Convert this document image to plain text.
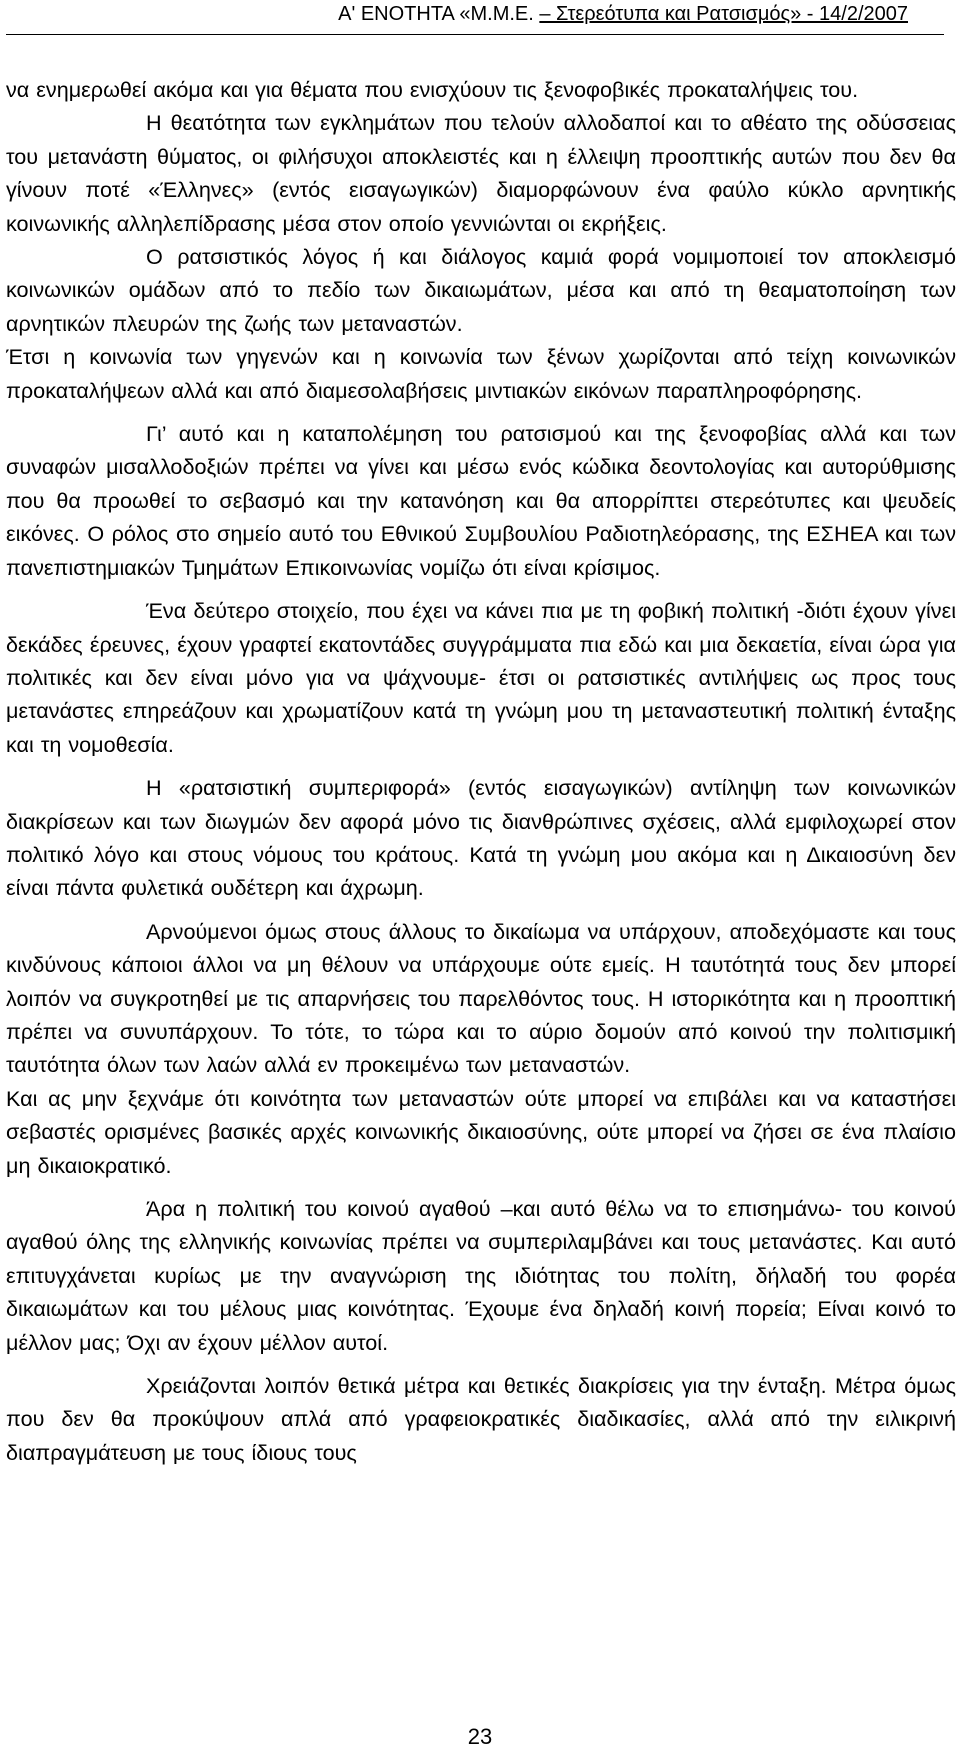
Α' ΕΝΟΤΗΤΑ «Μ.Μ.Ε. – Στερεότυπα και Ρατσισμός» - 14/2/2007

να ενημερωθεί ακόμα και για θέματα που ενισχύουν τις ξενοφοβικές προκαταλήψεις του.

Η θεατότητα των εγκλημάτων που τελούν αλλοδαποί και το αθέατο της οδύσσειας του μετανάστη θύματος, οι φιλήσυχοι αποκλειστές και η έλλειψη προοπτικής αυτών που δεν θα γίνουν ποτέ «Έλληνες» (εντός εισαγωγικών) διαμορφώνουν ένα φαύλο κύκλο αρνητικής κοινωνικής αλληλεπίδρασης μέσα στον οποίο γεννιώνται οι εκρήξεις.

Ο ρατσιστικός λόγος ή και διάλογος καμιά φορά νομιμοποιεί τον αποκλεισμό κοινωνικών ομάδων από το πεδίο των δικαιωμάτων, μέσα και από τη θεαματοποίηση των αρνητικών πλευρών της ζωής των μεταναστών.

Έτσι η κοινωνία των γηγενών και η κοινωνία των ξένων χωρίζονται από τείχη κοινωνικών προκαταλήψεων αλλά και από διαμεσολαβήσεις μιντιακών εικόνων παραπληροφόρησης.

Γι’ αυτό και η καταπολέμηση του ρατσισμού και της ξενοφοβίας αλλά και των συναφών μισαλλοδοξιών πρέπει να γίνει και μέσω ενός κώδικα δεοντολογίας και αυτορύθμισης που θα προωθεί το σεβασμό και την κατανόηση και θα απορρίπτει στερεότυπες και ψευδείς εικόνες. Ο ρόλος στο σημείο αυτό του Εθνικού Συμβουλίου Ραδιοτηλεόρασης, της ΕΣΗΕΑ και των πανεπιστημιακών Τμημάτων Επικοινωνίας νομίζω ότι είναι κρίσιμος.

Ένα δεύτερο στοιχείο, που έχει να κάνει πια με τη φοβική πολιτική -διότι έχουν γίνει δεκάδες έρευνες, έχουν γραφτεί εκατοντάδες συγγράμματα πια εδώ και μια δεκαετία, είναι ώρα για πολιτικές και δεν είναι μόνο για να ψάχνουμε- έτσι οι ρατσιστικές αντιλήψεις ως προς τους μετανάστες επηρεάζουν και χρωματίζουν κατά τη γνώμη μου τη μεταναστευτική πολιτική ένταξης και τη νομοθεσία.

Η «ρατσιστική συμπεριφορά» (εντός εισαγωγικών) αντίληψη των κοινωνικών διακρίσεων και των διωγμών δεν αφορά μόνο τις διανθρώπινες σχέσεις, αλλά εμφιλοχωρεί στον πολιτικό λόγο και στους νόμους του κράτους. Κατά τη γνώμη μου ακόμα και η Δικαιοσύνη δεν είναι πάντα φυλετικά ουδέτερη και άχρωμη.

Αρνούμενοι όμως στους άλλους το δικαίωμα να υπάρχουν, αποδεχόμαστε και τους κινδύνους κάποιοι άλλοι να μη θέλουν να υπάρχουμε ούτε εμείς. Η ταυτότητά τους δεν μπορεί λοιπόν να συγκροτηθεί με τις απαρνήσεις του παρελθόντος τους. Η ιστορικότητα και η προοπτική πρέπει να συνυπάρχουν. Το τότε, το τώρα και το αύριο δομούν από κοινού την πολιτισμική ταυτότητα όλων των λαών αλλά εν προκειμένω των μεταναστών.

Και ας μην ξεχνάμε ότι κοινότητα των μεταναστών ούτε μπορεί να επιβάλει και να καταστήσει σεβαστές ορισμένες βασικές αρχές κοινωνικής δικαιοσύνης, ούτε μπορεί να ζήσει σε ένα πλαίσιο μη δικαιοκρατικό.

Άρα η πολιτική του κοινού αγαθού –και αυτό θέλω να το επισημάνω- του κοινού αγαθού όλης της ελληνικής κοινωνίας πρέπει να συμπεριλαμβάνει και τους μετανάστες. Και αυτό επιτυγχάνεται κυρίως με την αναγνώριση της ιδιότητας του πολίτη, δήλαδή του φορέα δικαιωμάτων και του μέλους μιας κοινότητας. Έχουμε ένα δηλαδή κοινή πορεία; Είναι κοινό το μέλλον μας; Όχι αν έχουν μέλλον αυτοί.

Χρειάζονται λοιπόν θετικά μέτρα και θετικές διακρίσεις για την ένταξη. Μέτρα όμως που δεν θα προκύψουν απλά από γραφειοκρατικές διαδικασίες, αλλά από την ειλικρινή διαπραγμάτευση με τους ίδιους τους

23
